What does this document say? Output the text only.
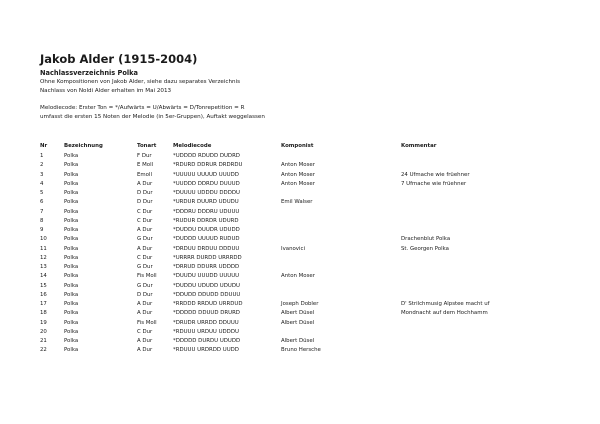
Jakob Alder (1915-2004)
Nachlassverzeichnis Polka
Ohne Kompositionen von Jakob Alder, siehe dazu separates Verzeichnis
Nachlass von Noldi Alder erhalten im Mai 2013
Melodiecode: Erster Ton = */Aufwärts = U/Abwärts = D/Tonrepetition = R
umfasst die ersten 15 Noten der Melodie (in 5er-Gruppen), Auftakt weggelassen
Nr	Bezeichnung	Tonart	Melodiecode	Komponist	Kommentar
1	Polka	F Dur	*UDDDD RDUDD DUDRD		
2	Polka	E Moll	*RDURD DDRUR DRDRDU	Anton Moser	
3	Polka	Emoll	*UUUUU UUUUD UUUDD	Anton Moser	24 Ufmache wie früehner
4	Polka	A Dur	*UUDDD DDRDU DUUUD	Anton Moser	7 Ufmache wie früehner
5	Polka	D Dur	*DUUUU UDDDU DDDDU		
6	Polka	D Dur	*URDUR DUURD UDUDU	Emil Walser	
7	Polka	C Dur	*DDDRU DDDRU UDUUU		
8	Polka	C Dur	*RUDUR DDRDR UDURD		
9	Polka	A Dur	*DUDDU DUUDR UDUDD		
10	Polka	G Dur	*DUDDD UUUUD RUDUD		Drachenblut Polka
11	Polka	A Dur	*DRDUU DRDUU DDDUU	Ivanovici	St. Georgen Polka
12	Polka	C Dur	*URRRR DURDD URRRDD		
13	Polka	G Dur	*DRRUD DDURR UDDDD		
14	Polka	Fis Moll	*DUUDU UUUDD UUUUU	Anton Moser	
15	Polka	G Dur	*DUDDU UDUDD UDUDU		
16	Polka	D Dur	*DDUDD DDUDD DDUUU		
17	Polka	A Dur	*RRDDD RRDUD URRDUD	Joseph Dobler	D' Strilchmusig Alpstee macht uf
18	Polka	A Dur	*DDDDD DDUUD DRURD	Albert Düsel	Mondnacht auf dem Hochhamm
19	Polka	Fis Moll	*DRUDR URRDD DDUUU	Albert Düsel	
20	Polka	C Dur	*RDUUU URDUU UDDDU		
21	Polka	A Dur	*DDDDD DURDU UDUDD	Albert Düsel	
22	Polka	A Dur	*RDUUU URDRDD UUDD	Bruno Hersche	
